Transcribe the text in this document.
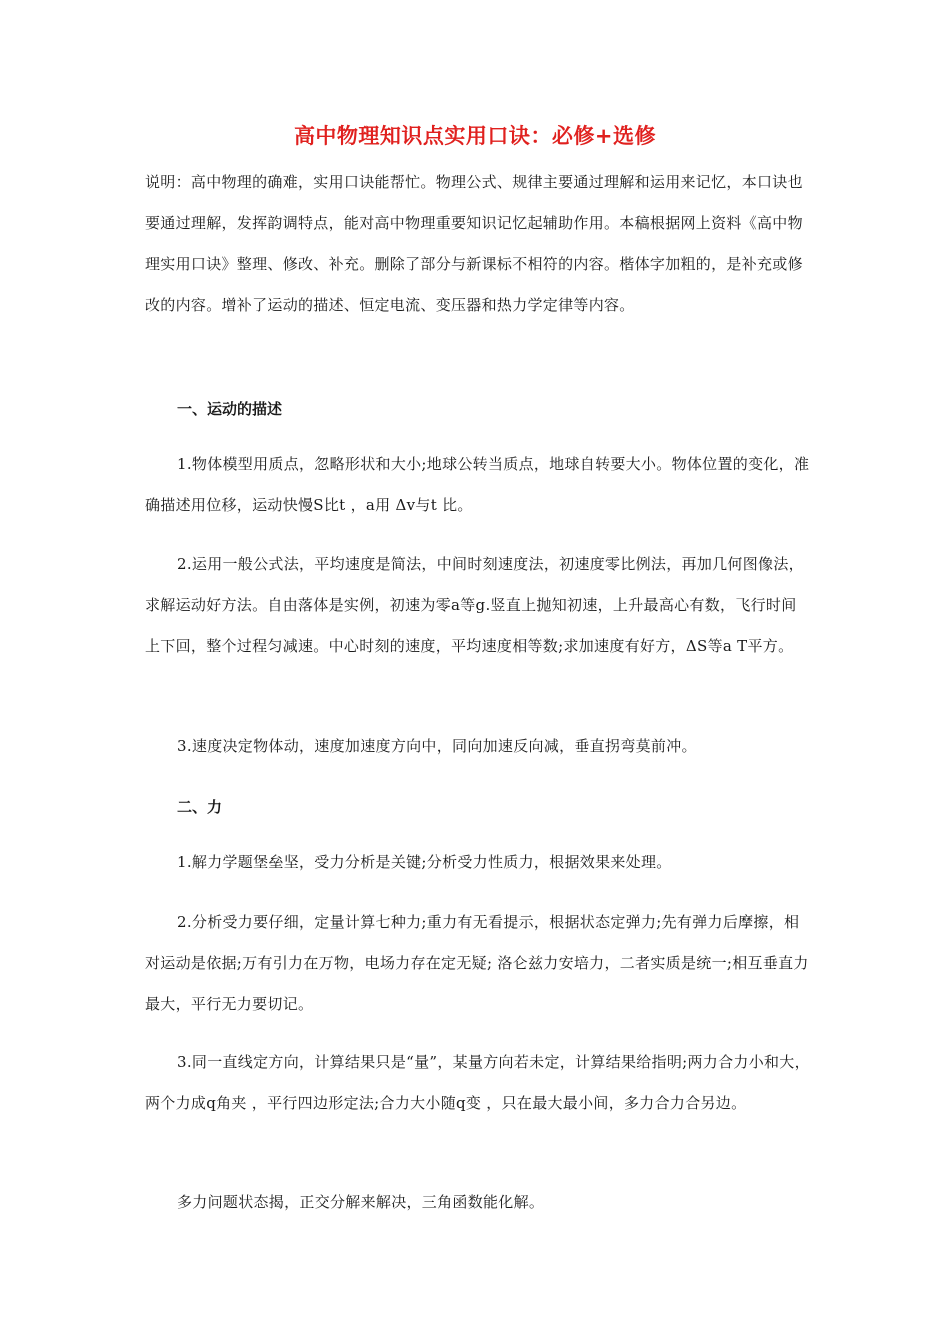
高中物理知识点实用口诀：必修+选修

说明：高中物理的确难，实用口诀能帮忙。物理公式、规律主要通过理解和运用来记忆，本口诀也要通过理解，发挥韵调特点，能对高中物理重要知识记忆起辅助作用。本稿根据网上资料《高中物理实用口诀》整理、修改、补充。删除了部分与新课标不相符的内容。楷体字加粗的，是补充或修改的内容。增补了运动的描述、恒定电流、变压器和热力学定律等内容。

一、运动的描述

1.物体模型用质点，忽略形状和大小;地球公转当质点，地球自转要大小。物体位置的变化，准确描述用位移，运动快慢S比t ，a用 Δv与t 比。

2.运用一般公式法，平均速度是简法，中间时刻速度法，初速度零比例法，再加几何图像法，求解运动好方法。自由落体是实例，初速为零a等g.竖直上抛知初速，上升最高心有数，飞行时间上下回，整个过程匀减速。中心时刻的速度，平均速度相等数;求加速度有好方，ΔS等a T平方。

3.速度决定物体动，速度加速度方向中，同向加速反向减，垂直拐弯莫前冲。

二、力

1.解力学题堡垒坚，受力分析是关键;分析受力性质力，根据效果来处理。

2.分析受力要仔细，定量计算七种力;重力有无看提示，根据状态定弹力;先有弹力后摩擦，相对运动是依据;万有引力在万物，电场力存在定无疑; 洛仑兹力安培力，二者实质是统一;相互垂直力最大，平行无力要切记。

3.同一直线定方向，计算结果只是“量”，某量方向若未定，计算结果给指明;两力合力小和大，两个力成q角夹 ，平行四边形定法;合力大小随q变 ，只在最大最小间，多力合力合另边。

多力问题状态揭，正交分解来解决，三角函数能化解。
